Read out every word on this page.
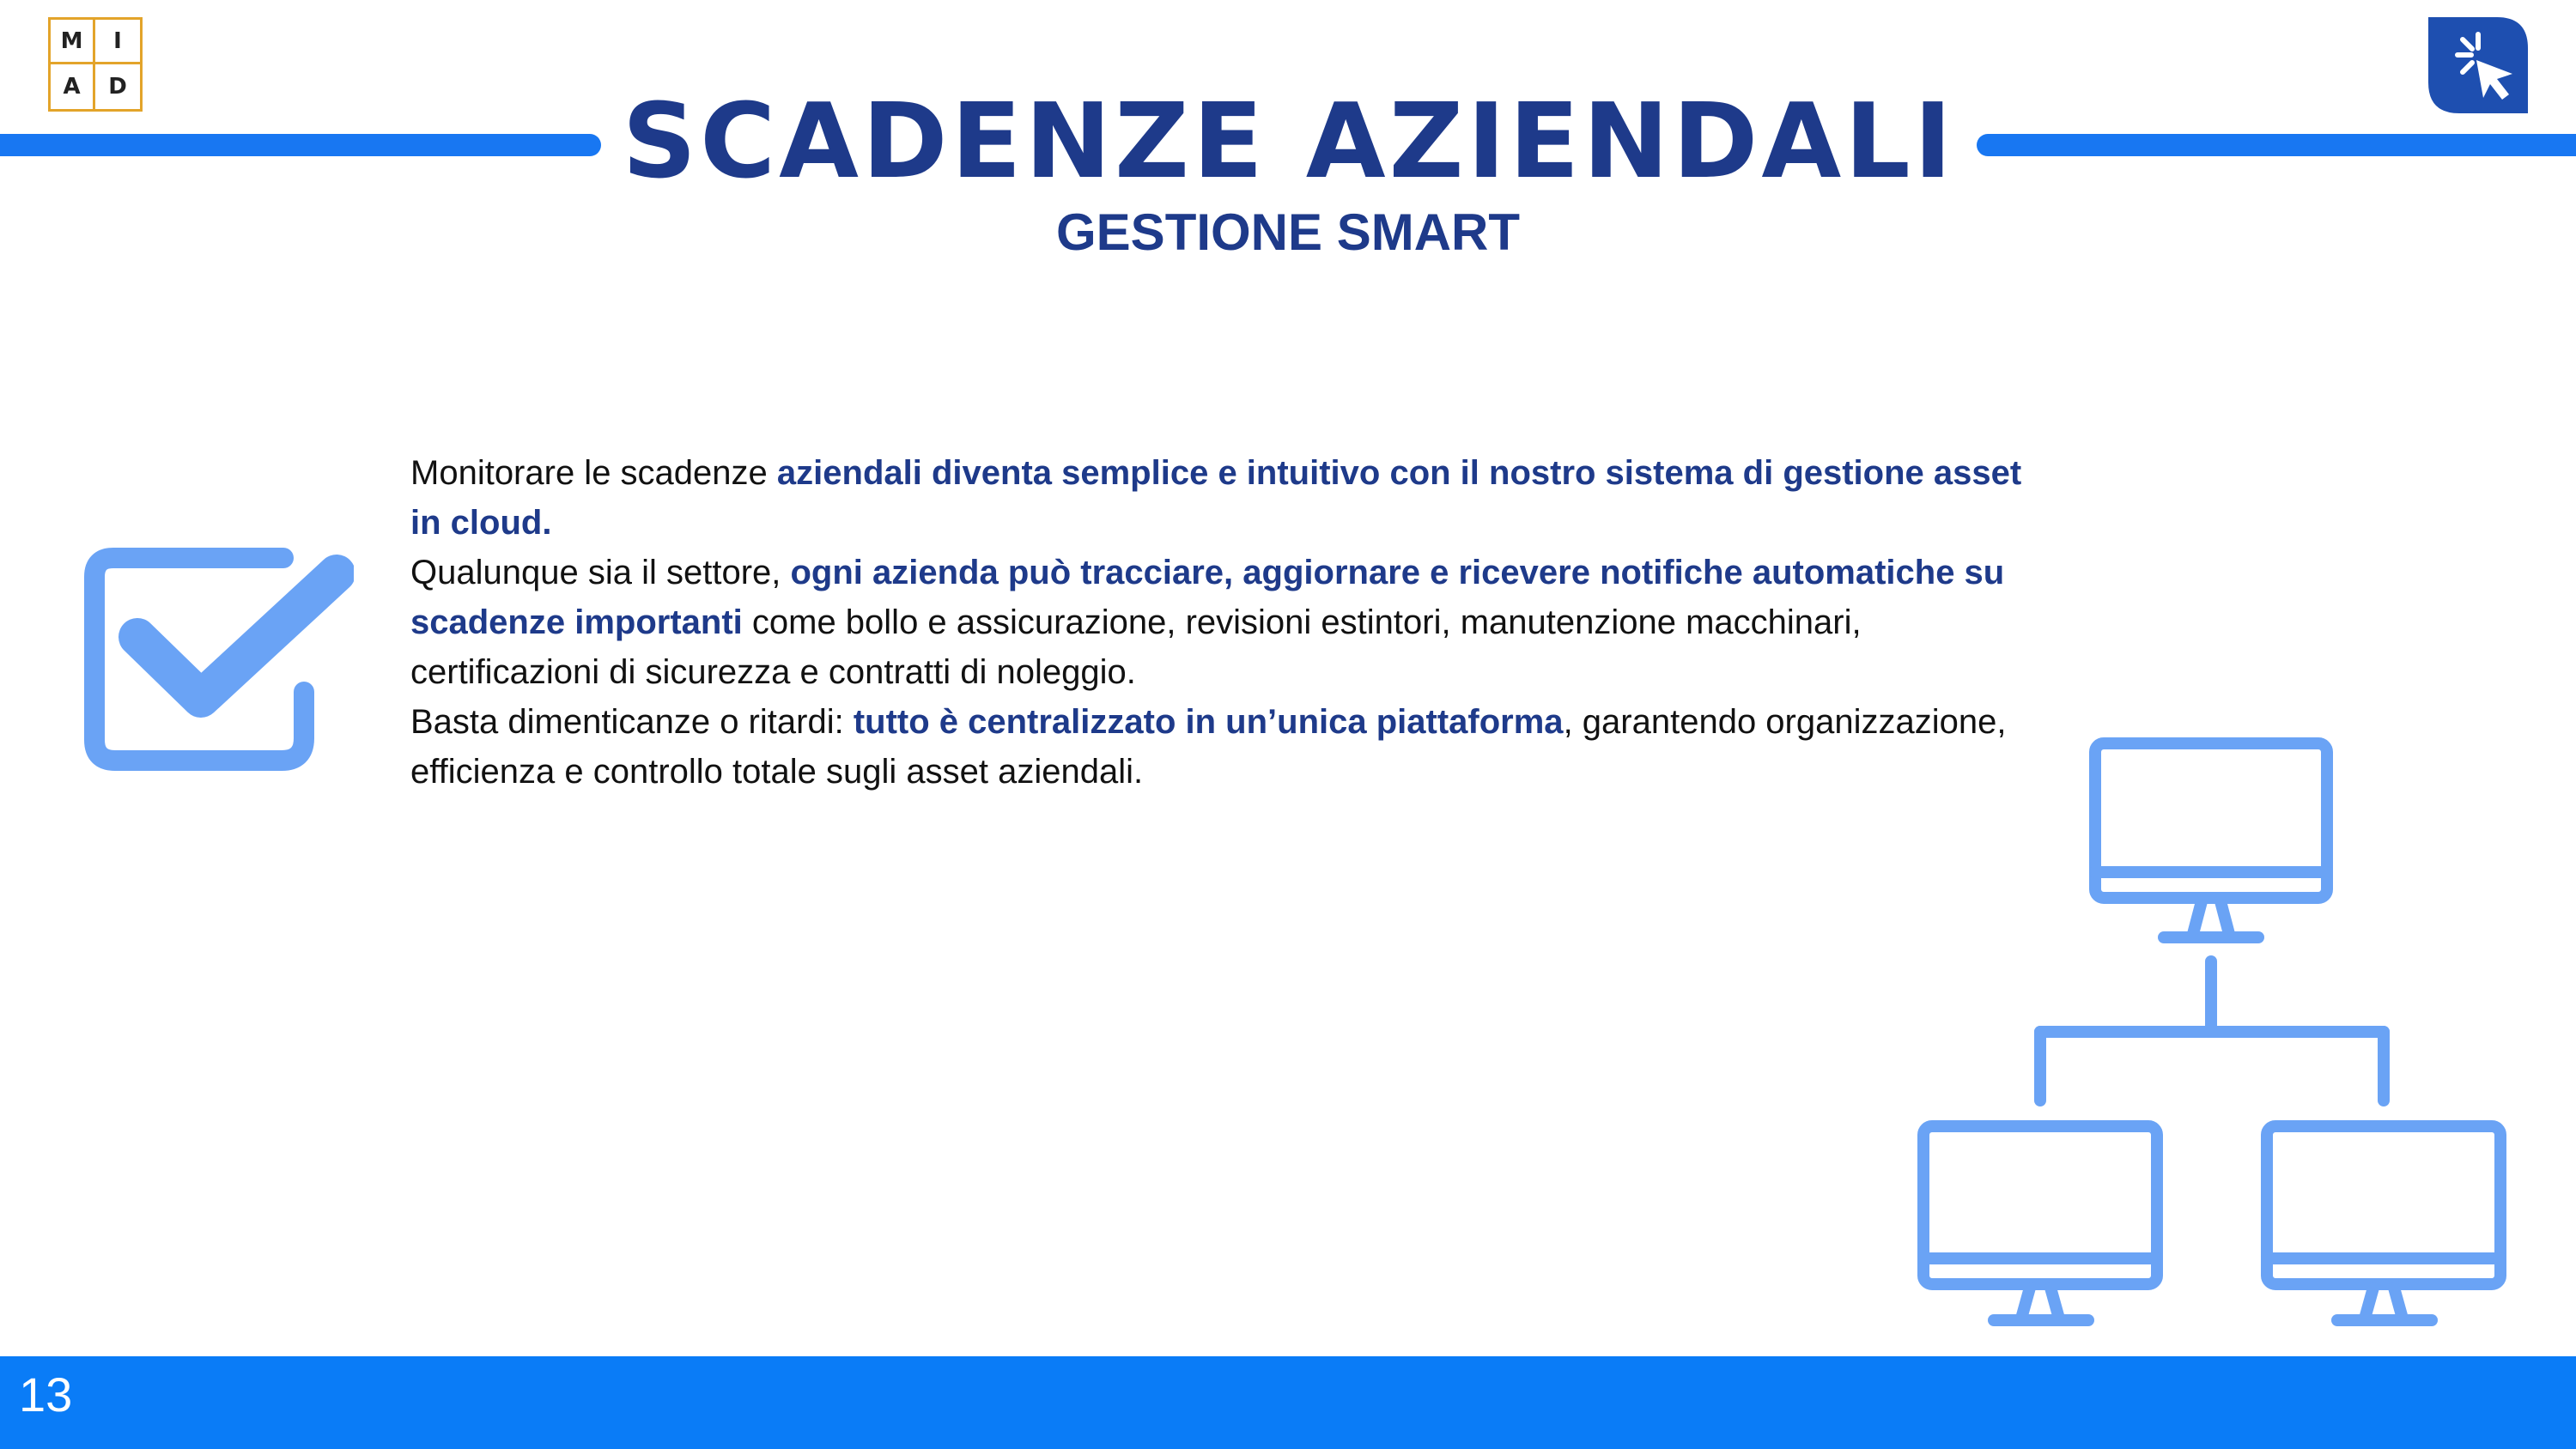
M	I
A	D	SCADENZE AZIENDALI
GESTIONE SMART

Monitorare le scadenze aziendali diventa semplice e intuitivo con il nostro sistema di gestione asset in cloud.

Qualunque sia il settore, ogni azienda può tracciare, aggiornare e ricevere notifiche automatiche su scadenze importanti come bollo e assicurazione, revisioni estintori, manutenzione macchinari, certificazioni di sicurezza e contratti di noleggio.

Basta dimenticanze o ritardi: tutto è centralizzato in un’unica piattaforma, garantendo organizzazione, efficienza e controllo totale sugli asset aziendali.

13
